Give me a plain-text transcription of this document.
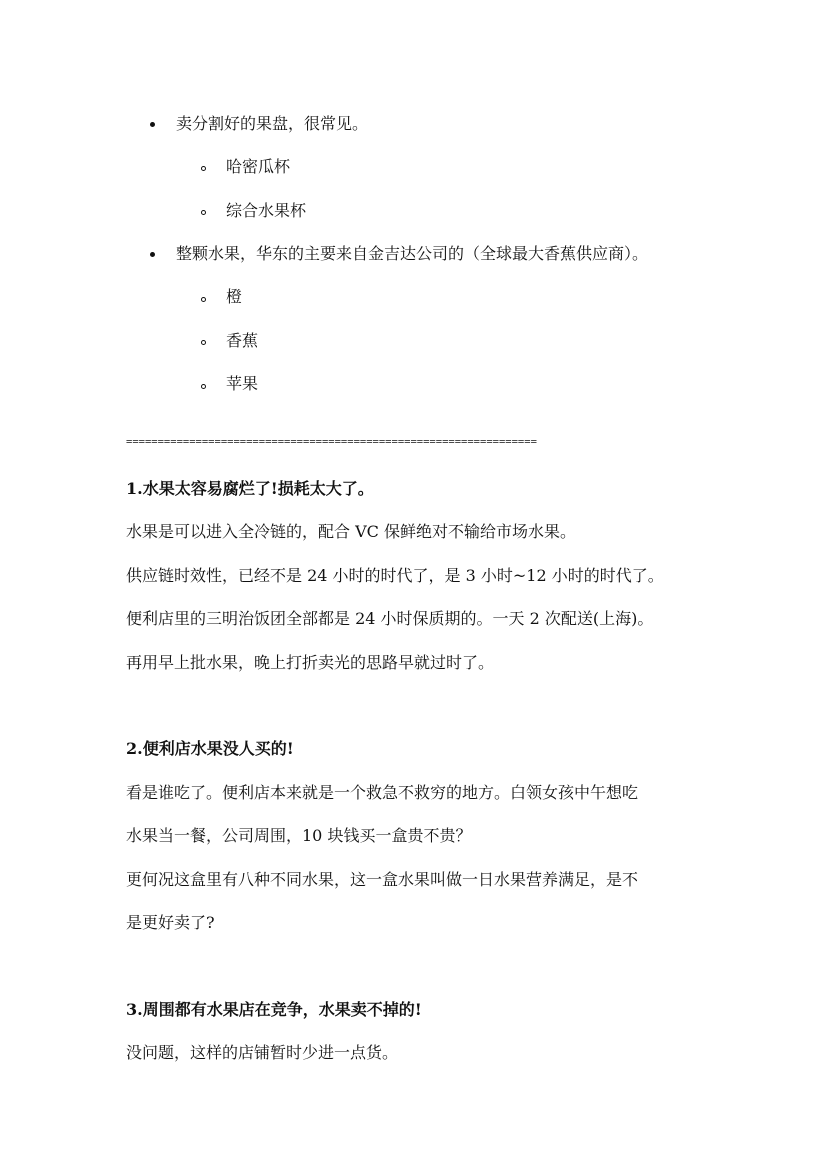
卖分割好的果盘，很常见。
哈密瓜杯
综合水果杯
整颗水果，华东的主要来自金吉达公司的（全球最大香蕉供应商）。
橙
香蕉
苹果
=================================================================
1.水果太容易腐烂了!损耗太大了。
水果是可以进入全冷链的，配合 VC 保鲜绝对不输给市场水果。
供应链时效性，已经不是 24 小时的时代了，是 3 小时~12 小时的时代了。
便利店里的三明治饭团全部都是 24 小时保质期的。一天 2 次配送(上海)。
再用早上批水果，晚上打折卖光的思路早就过时了。
2.便利店水果没人买的!
看是谁吃了。便利店本来就是一个救急不救穷的地方。白领女孩中午想吃
水果当一餐，公司周围，10 块钱买一盒贵不贵？
更何况这盒里有八种不同水果，这一盒水果叫做一日水果营养满足，是不
是更好卖了?
3.周围都有水果店在竞争，水果卖不掉的!
没问题，这样的店铺暂时少进一点货。
